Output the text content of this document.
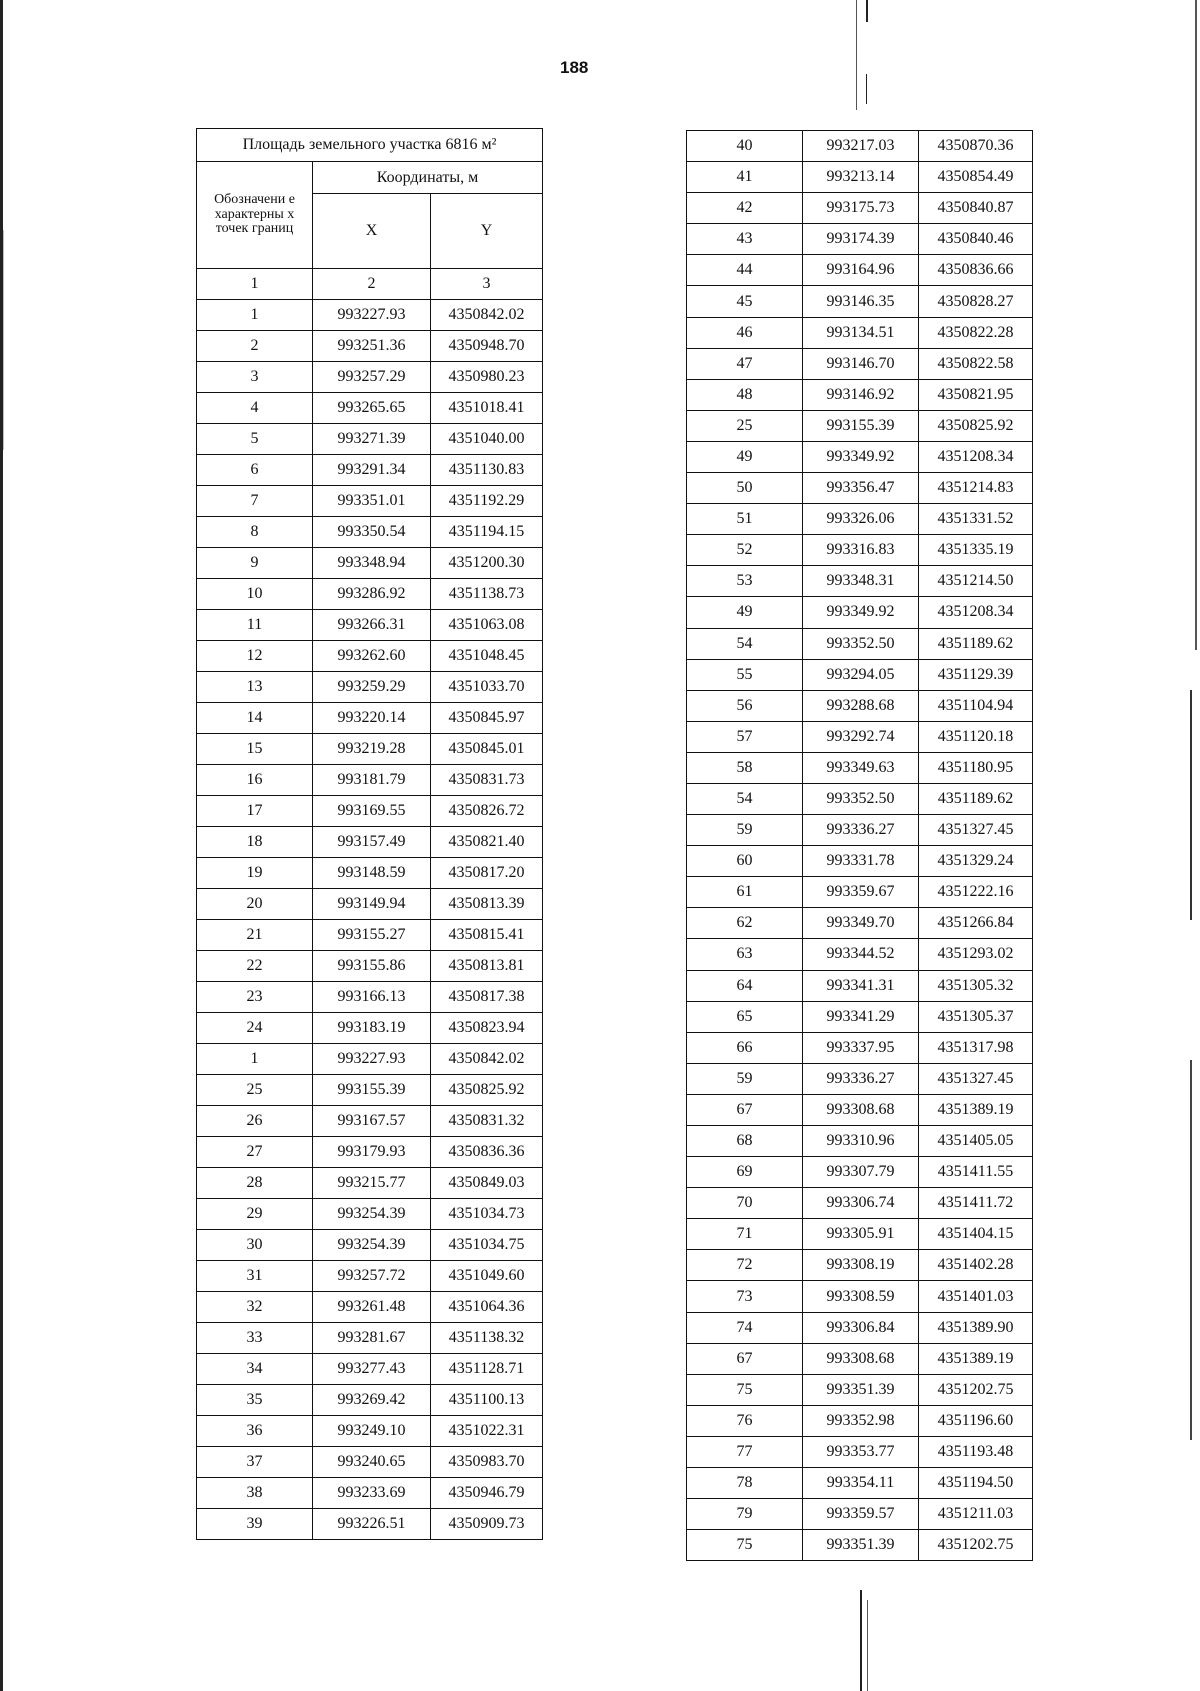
188
Площадь земельного участка 6816 м²		
Обозначени е характерны х точек границ	Координаты, м	
	X	Y
1	2	3
1	993227.93	4350842.02
2	993251.36	4350948.70
3	993257.29	4350980.23
4	993265.65	4351018.41
5	993271.39	4351040.00
6	993291.34	4351130.83
7	993351.01	4351192.29
8	993350.54	4351194.15
9	993348.94	4351200.30
10	993286.92	4351138.73
11	993266.31	4351063.08
12	993262.60	4351048.45
13	993259.29	4351033.70
14	993220.14	4350845.97
15	993219.28	4350845.01
16	993181.79	4350831.73
17	993169.55	4350826.72
18	993157.49	4350821.40
19	993148.59	4350817.20
20	993149.94	4350813.39
21	993155.27	4350815.41
22	993155.86	4350813.81
23	993166.13	4350817.38
24	993183.19	4350823.94
1	993227.93	4350842.02
25	993155.39	4350825.92
26	993167.57	4350831.32
27	993179.93	4350836.36
28	993215.77	4350849.03
29	993254.39	4351034.73
30	993254.39	4351034.75
31	993257.72	4351049.60
32	993261.48	4351064.36
33	993281.67	4351138.32
34	993277.43	4351128.71
35	993269.42	4351100.13
36	993249.10	4351022.31
37	993240.65	4350983.70
38	993233.69	4350946.79
39	993226.51	4350909.73
40	993217.03	4350870.36
41	993213.14	4350854.49
42	993175.73	4350840.87
43	993174.39	4350840.46
44	993164.96	4350836.66
45	993146.35	4350828.27
46	993134.51	4350822.28
47	993146.70	4350822.58
48	993146.92	4350821.95
25	993155.39	4350825.92
49	993349.92	4351208.34
50	993356.47	4351214.83
51	993326.06	4351331.52
52	993316.83	4351335.19
53	993348.31	4351214.50
49	993349.92	4351208.34
54	993352.50	4351189.62
55	993294.05	4351129.39
56	993288.68	4351104.94
57	993292.74	4351120.18
58	993349.63	4351180.95
54	993352.50	4351189.62
59	993336.27	4351327.45
60	993331.78	4351329.24
61	993359.67	4351222.16
62	993349.70	4351266.84
63	993344.52	4351293.02
64	993341.31	4351305.32
65	993341.29	4351305.37
66	993337.95	4351317.98
59	993336.27	4351327.45
67	993308.68	4351389.19
68	993310.96	4351405.05
69	993307.79	4351411.55
70	993306.74	4351411.72
71	993305.91	4351404.15
72	993308.19	4351402.28
73	993308.59	4351401.03
74	993306.84	4351389.90
67	993308.68	4351389.19
75	993351.39	4351202.75
76	993352.98	4351196.60
77	993353.77	4351193.48
78	993354.11	4351194.50
79	993359.57	4351211.03
75	993351.39	4351202.75
